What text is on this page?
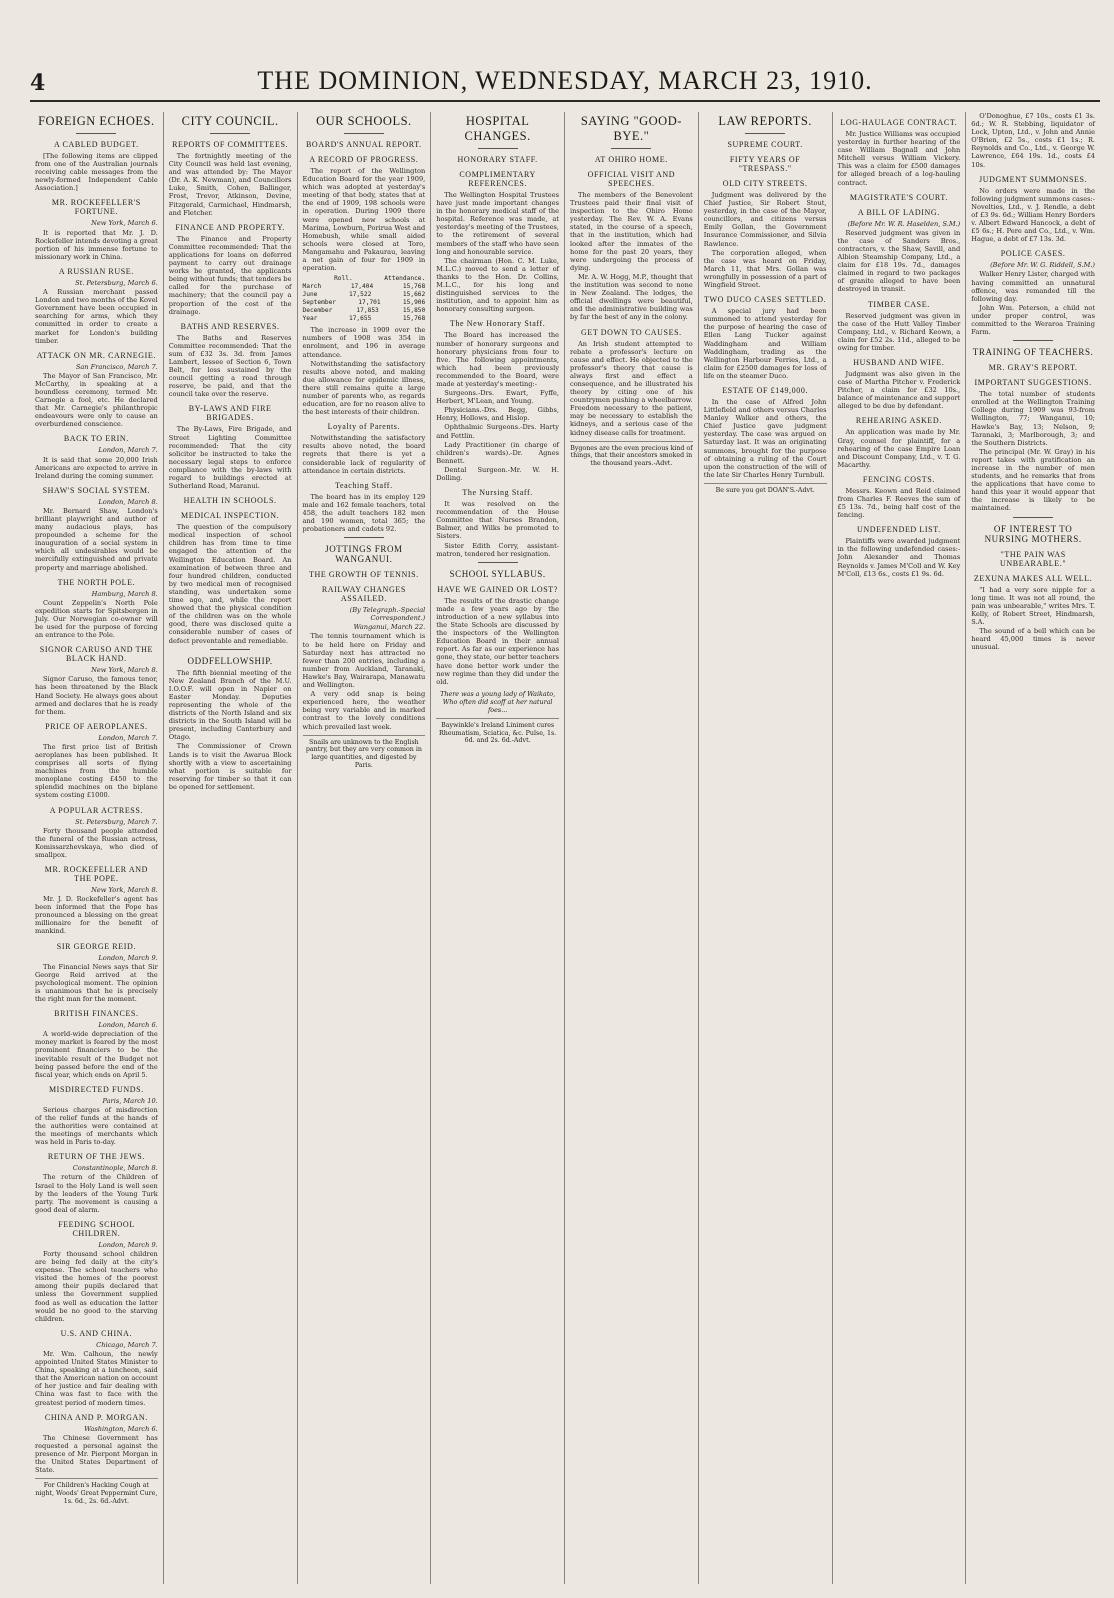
4	THE DOMINION, WEDNESDAY, MARCH 23, 1910.
FOREIGN ECHOES.
A CABLED BUDGET.

[The following items are clipped from one of the Australian journals receiving cable messages from the newly-formed Independent Cable Association.]

MR. ROCKEFELLER'S FORTUNE.

New York, March 6.

It is reported that Mr. J. D. Rockefeller intends devoting a great portion of his immense fortune to missionary work in China.

A RUSSIAN RUSE.

St. Petersburg, March 6.

A Russian merchant passed London and two months of the Kovel Government have been occupied in searching for arms, which they committed in order to create a market for London's building timber.

ATTACK ON MR. CARNEGIE.

San Francisco, March 7.

The Mayor of San Francisco, Mr. McCarthy, in speaking at a boundless ceremony, termed Mr. Carnegie a fool, etc. He declared that Mr. Carnegie's philanthropic endeavours were only to cause an overburdened conscience.

BACK TO ERIN.

London, March 7.

It is said that some 20,000 Irish Americans are expected to arrive in Ireland during the coming summer.

SHAW'S SOCIAL SYSTEM.

London, March 8.

Mr. Bernard Shaw, London's brilliant playwright and author of many audacious plays, has propounded a scheme for the inauguration of a social system in which all undesirables would be mercifully extinguished and private property and marriage abolished.

THE NORTH POLE.

Hamburg, March 8.

Count Zeppelin's North Pole expedition starts for Spitsbergen in July. Our Norwegian co-owner will be used for the purpose of forcing an entrance to the Pole.

SIGNOR CARUSO AND THE BLACK HAND.

New York, March 8.

Signor Caruso, the famous tenor, has been threatened by the Black Hand Society. He always goes about armed and declares that he is ready for them.

PRICE OF AEROPLANES.

London, March 7.

The first price list of British aeroplanes has been published. It comprises all sorts of flying machines from the humble monoplane costing £450 to the splendid machines on the biplane system costing £1000.

A POPULAR ACTRESS.

St. Petersburg, March 7.

Forty thousand people attended the funeral of the Russian actress, Komissarzhevskaya, who died of smallpox.

MR. ROCKEFELLER AND THE POPE.

New York, March 8.

Mr. J. D. Rockefeller's agent has been informed that the Pope has pronounced a blessing on the great millionaire for the benefit of mankind.

SIR GEORGE REID.

London, March 9.

The Financial News says that Sir George Reid arrived at the psychological moment. The opinion is unanimous that he is precisely the right man for the moment.

BRITISH FINANCES.

London, March 6.

A world-wide depreciation of the money market is feared by the most prominent financiers to be the inevitable result of the Budget not being passed before the end of the fiscal year, which ends on April 5.

MISDIRECTED FUNDS.

Paris, March 10.

Serious charges of misdirection of the relief funds at the hands of the authorities were contained at the meetings of merchants which was held in Paris to-day.

RETURN OF THE JEWS.

Constantinople, March 8.

The return of the Children of Israel to the Holy Land is well seen by the leaders of the Young Turk party. The movement is causing a good deal of alarm.

FEEDING SCHOOL CHILDREN.

London, March 9.

Forty thousand school children are being fed daily at the city's expense. The school teachers who visited the homes of the poorest among their pupils declared that unless the Government supplied food as well as education the latter would be no good to the starving children.

U.S. AND CHINA.

Chicago, March 7.

Mr. Wm. Calhoun, the newly appointed United States Minister to China, speaking at a luncheon, said that the American nation on account of her justice and fair dealing with China was fast to face with the greatest period of modern times.

CHINA AND P. MORGAN.

Washington, March 6.

The Chinese Government has requested a personal against the presence of Mr. Pierpont Morgan in the United States Department of State.

For Children's Hacking Cough at night, Woods' Great Peppermint Cure, 1s. 6d., 2s. 6d.-Advt.
CITY COUNCIL.
REPORTS OF COMMITTEES.

The fortnightly meeting of the City Council was held last evening, and was attended by: The Mayor (Dr. A. K. Newman), and Councillors Luke, Smith, Cohen, Ballinger, Frost, Trevor, Atkinson, Devine, Fitzgerald, Carmichael, Hindmarsh, and Fletcher.

FINANCE AND PROPERTY.

The Finance and Property Committee recommended: That the applications for loans on deferred payment to carry out drainage works be granted, the applicants being without funds; that tenders be called for the purchase of machinery; that the council pay a proportion of the cost of the drainage.

BATHS AND RESERVES.

The Baths and Reserves Committee recommended: That the sum of £32 3s. 3d. from James Lambert, lessee of Section 6, Town Belt, for loss sustained by the council getting a road through reserve, be paid, and that the council take over the reserve.

BY-LAWS AND FIRE BRIGADES.

The By-Laws, Fire Brigade, and Street Lighting Committee recommended: That the city solicitor be instructed to take the necessary legal steps to enforce compliance with the by-laws with regard to buildings erected at Sutherland Road, Maranui.

HEALTH IN SCHOOLS.
MEDICAL INSPECTION.

The question of the compulsory medical inspection of school children has from time to time engaged the attention of the Wellington Education Board. An examination of between three and four hundred children, conducted by two medical men of recognised standing, was undertaken some time ago, and, while the report showed that the physical condition of the children was on the whole good, there was disclosed quite a considerable number of cases of defect preventable and remediable.

ODDFELLOWSHIP.

The fifth biennial meeting of the New Zealand Branch of the M.U. I.O.O.F. will open in Napier on Easter Monday. Deputies representing the whole of the districts of the North Island and six districts in the South Island will be present, including Canterbury and Otago.

The Commissioner of Crown Lands is to visit the Awarua Block shortly with a view to ascertaining what portion is suitable for reserving for timber so that it can be opened for settlement.

OUR SCHOOLS.
BOARD'S ANNUAL REPORT.
A RECORD OF PROGRESS.

The report of the Wellington Education Board for the year 1909, which was adopted at yesterday's meeting of that body, states that at the end of 1909, 198 schools were in operation. During 1909 there were opened new schools at Marima, Lowburn, Porirua West and Homebush, while small aided schools were closed at Toro, Mangamahu and Pakaurau, leaving a net gain of four for 1909 in operation.

Roll.	Attendance.
March	17,404	15,768
June	17,522	15,662
September	17,701	15,906
December	17,853	15,850
Year	17,655	15,768

The increase in 1909 over the numbers of 1908 was 354 in enrolment, and 196 in average attendance.

Notwithstanding the satisfactory results above noted, and making due allowance for epidemic illness, there still remains quite a large number of parents who, as regards education, are for no reason alive to the best interests of their children.

Loyalty of Parents.

Notwithstanding the satisfactory results above noted, the board regrets that there is yet a considerable lack of regularity of attendance in certain districts.

Teaching Staff.

The board has in its employ 129 male and 162 female teachers, total 458, the adult teachers 182 men and 190 women, total 365; the probationers and cadets 92.

JOTTINGS FROM WANGANUI.
THE GROWTH OF TENNIS.
RAILWAY CHANGES ASSAILED.

(By Telegraph.-Special Correspondent.)

Wanganui, March 22.

The tennis tournament which is to be held here on Friday and Saturday next has attracted no fewer than 200 entries, including a number from Auckland, Taranaki, Hawke's Bay, Wairarapa, Manawatu and Wellington.

A very odd snap is being experienced here, the weather being very variable and in marked contrast to the lovely conditions which prevailed last week.

Snails are unknown to the English pantry, but they are very common in large quantities, and digested by Paris.
HOSPITAL CHANGES.
HONORARY STAFF.
COMPLIMENTARY REFERENCES.

The Wellington Hospital Trustees have just made important changes in the honorary medical staff of the hospital. Reference was made, at yesterday's meeting of the Trustees, to the retirement of several members of the staff who have seen long and honourable service.

The chairman (Hon. C. M. Luke, M.L.C.) moved to send a letter of thanks to the Hon. Dr. Collins, M.L.C., for his long and distinguished services to the institution, and to appoint him as honorary consulting surgeon.

The New Honorary Staff.

The Board has increased the number of honorary surgeons and honorary physicians from four to five. The following appointments, which had been previously recommended to the Board, were made at yesterday's meeting:-

Surgeons.-Drs. Ewart, Fyffe, Herbert, M'Lean, and Young.

Physicians.-Drs. Begg, Gibbs, Henry, Hollows, and Hislop.

Ophthalmic Surgeons.-Drs. Harty and Fettlin.

Lady Practitioner (in charge of children's wards).-Dr. Agnes Bennett.

Dental Surgeon.-Mr. W. H. Dolling.

The Nursing Staff.

It was resolved on the recommendation of the House Committee that Nurses Brandon, Balmer, and Wilks be promoted to Sisters.

Sister Edith Corry, assistant-matron, tendered her resignation.

SCHOOL SYLLABUS.
HAVE WE GAINED OR LOST?

The results of the drastic change made a few years ago by the introduction of a new syllabus into the State Schools are discussed by the inspectors of the Wellington Education Board in their annual report. As far as our experience has gone, they state, our better teachers have done better work under the new regime than they did under the old.

There was a young lady of Waikato, Who often did scoff at her natural foes...
Baywinkle's Ireland Liniment cures Rheumatism, Sciatica, &c. Pulse, 1s. 6d. and 2s. 6d.-Advt.
SAYING "GOOD-BYE."
AT OHIRO HOME.
OFFICIAL VISIT AND SPEECHES.

The members of the Benevolent Trustees paid their final visit of inspection to the Ohiro Home yesterday. The Rev. W. A. Evans stated, in the course of a speech, that in the institution, which had looked after the inmates of the home for the past 20 years, they were undergoing the process of dying.

Mr. A. W. Hogg, M.P., thought that the institution was second to none in New Zealand. The lodges, the official dwellings were beautiful, and the administrative building was by far the best of any in the colony.

GET DOWN TO CAUSES.

An Irish student attempted to rebate a professor's lecture on cause and effect. He objected to the professor's theory that cause is always first and effect a consequence, and he illustrated his theory by citing one of his countrymen pushing a wheelbarrow. Freedom necessary to the patient, may be necessary to establish the kidneys, and a serious case of the kidney disease calls for treatment.

Bygones are the even precious kind of things, that their ancestors smoked in the thousand years.-Advt.
LAW REPORTS.
SUPREME COURT.
FIFTY YEARS OF "TRESPASS."
OLD CITY STREETS.

Judgment was delivered by the Chief Justice, Sir Robert Stout, yesterday, in the case of the Mayor, councillors, and citizens versus Emily Gollan, the Government Insurance Commissioner, and Silvia Rawlence.

The corporation alleged, when the case was heard on Friday, March 11, that Mrs. Gollan was wrongfully in possession of a part of Wingfield Street.

TWO DUCO CASES SETTLED.

A special jury had been summoned to attend yesterday for the purpose of hearing the case of Ellen Lang Tucker against Waddingham and William Waddingham, trading as the Wellington Harbour Ferries, Ltd., a claim for £2500 damages for loss of life on the steamer Duco.

ESTATE OF £149,000.

In the case of Alfred John Littlefield and others versus Charles Manley Walker and others, the Chief Justice gave judgment yesterday. The case was argued on Saturday last. It was an originating summons, brought for the purpose of obtaining a ruling of the Court upon the construction of the will of the late Sir Charles Henry Turnbull.

Be sure you get DOAN'S.-Advt.
LOG-HAULAGE CONTRACT.

Mr. Justice Williams was occupied yesterday in further hearing of the case William Bagnall and John Mitchell versus William Vickery. This was a claim for £500 damages for alleged breach of a log-hauling contract.

MAGISTRATE'S COURT.
A BILL OF LADING.

(Before Mr. W. R. Haselden, S.M.)

Reserved judgment was given in the case of Sanders Bros., contractors, v. the Shaw, Savill, and Albion Steamship Company, Ltd., a claim for £18 19s. 7d., damages claimed in regard to two packages of granite alleged to have been destroyed in transit.

TIMBER CASE.

Reserved judgment was given in the case of the Hutt Valley Timber Company, Ltd., v. Richard Keown, a claim for £52 2s. 11d., alleged to be owing for timber.

HUSBAND AND WIFE.

Judgment was also given in the case of Martha Pitcher v. Frederick Pitcher, a claim for £32 10s., balance of maintenance and support alleged to be due by defendant.

REHEARING ASKED.

An application was made by Mr. Gray, counsel for plaintiff, for a rehearing of the case Empire Loan and Discount Company, Ltd., v. T. G. Macarthy.

FENCING COSTS.

Messrs. Keown and Reid claimed from Charles F. Reeves the sum of £5 13s. 7d., being half cost of the fencing.

UNDEFENDED LIST.

Plaintiffs were awarded judgment in the following undefended cases:-John Alexander and Thomas Reynolds v. James M'Coll and W. Key M'Coll, £13 6s., costs £1 9s. 6d.

O'Donoghue, £7 10s., costs £1 3s. 6d.; W. R. Stebbing, liquidator of Lock, Upton, Ltd., v. John and Annie O'Brien, £2 5s., costs £1 1s.; R. Reynolds and Co., Ltd., v. George W. Lawrence, £64 19s. 1d., costs £4 10s.

JUDGMENT SUMMONSES.

No orders were made in the following judgment summons cases:-Novelties, Ltd., v. J. Rendle, a debt of £3 9s. 6d.; William Henry Borders v. Albert Edward Hancock, a debt of £5 6s.; H. Pere and Co., Ltd., v. Wm. Hague, a debt of £7 13s. 3d.

POLICE CASES.

(Before Mr. W. G. Riddell, S.M.)

Walker Henry Lister, charged with having committed an unnatural offence, was remanded till the following day.

John Wm. Peterson, a child not under proper control, was committed to the Weraroa Training Farm.

TRAINING OF TEACHERS.
MR. GRAY'S REPORT.
IMPORTANT SUGGESTIONS.

The total number of students enrolled at the Wellington Training College during 1909 was 93-from Wellington, 77; Wanganui, 10; Hawke's Bay, 13; Nelson, 9; Taranaki, 3; Marlborough, 3; and the Southern Districts.

The principal (Mr. W. Gray) in his report takes with gratification an increase in the number of men students, and he remarks that from the applications that have come to hand this year it would appear that the increase is likely to be maintained.

OF INTEREST TO NURSING MOTHERS.
"THE PAIN WAS UNBEARABLE."
ZEXUNA MAKES ALL WELL.

"I had a very sore nipple for a long time. It was not all round, the pain was unbearable," writes Mrs. T. Kelly, of Robert Street, Hindmarsh, S.A.

The sound of a bell which can be heard 45,000 times is never unusual.
